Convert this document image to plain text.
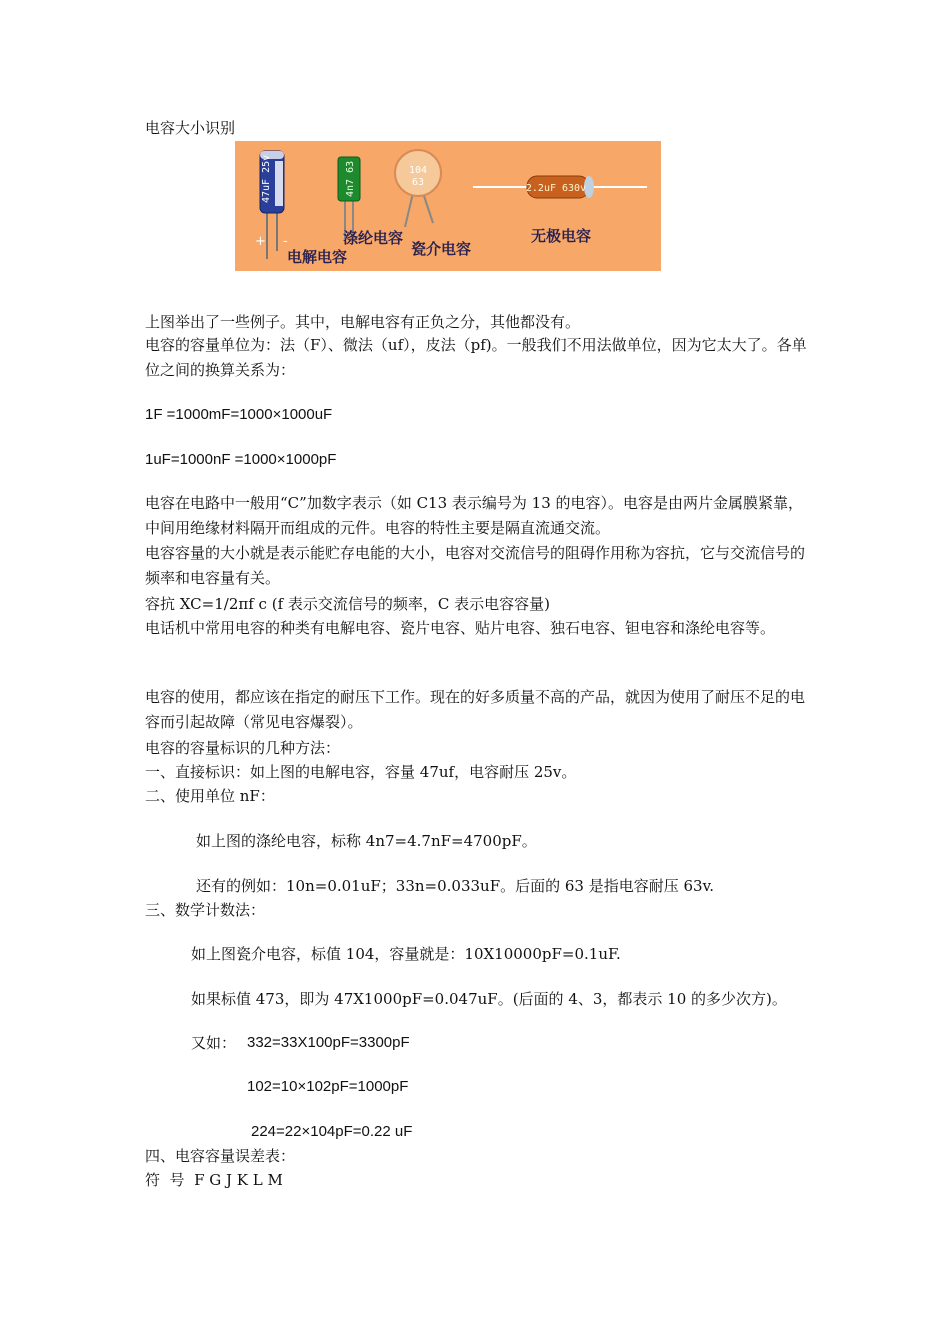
电容大小识别
47uF 25v
+ -
4n7 63	104
63
2.2uF 630v
电解电容
涤纶电容
瓷介电容
无极电容
上图举出了一些例子。其中，电解电容有正负之分，其他都没有。
电容的容量单位为：法（F）、微法（uf），皮法（pf)。一般我们不用法做单位，因为它太大了。各单位之间的换算关系为：
1F =1000mF=1000×1000uF
1uF=1000nF =1000×1000pF
电容在电路中一般用“C”加数字表示（如 C13 表示编号为 13 的电容）。电容是由两片金属膜紧靠，中间用绝缘材料隔开而组成的元件。电容的特性主要是隔直流通交流。
电容容量的大小就是表示能贮存电能的大小，电容对交流信号的阻碍作用称为容抗，它与交流信号的频率和电容量有关。
容抗 XC=1/2πf c (f 表示交流信号的频率，C 表示电容容量)
电话机中常用电容的种类有电解电容、瓷片电容、贴片电容、独石电容、钽电容和涤纶电容等。
电容的使用，都应该在指定的耐压下工作。现在的好多质量不高的产品，就因为使用了耐压不足的电容而引起故障（常见电容爆裂）。
电容的容量标识的几种方法：
一、直接标识：如上图的电解电容，容量 47uf，电容耐压 25v。
二、使用单位 nF：
如上图的涤纶电容，标称 4n7=4.7nF=4700pF。
还有的例如：10n=0.01uF；33n=0.033uF。后面的 63 是指电容耐压 63v.
三、数学计数法：
如上图瓷介电容，标值 104，容量就是：10X10000pF=0.1uF.
如果标值 473，即为 47X1000pF=0.047uF。(后面的 4、3，都表示 10 的多少次方)。
又如： 332=33X100pF=3300pF
102=10×102pF=1000pF
224=22×104pF=0.22 uF
四、电容容量误差表：
符  号  F G J K L M
